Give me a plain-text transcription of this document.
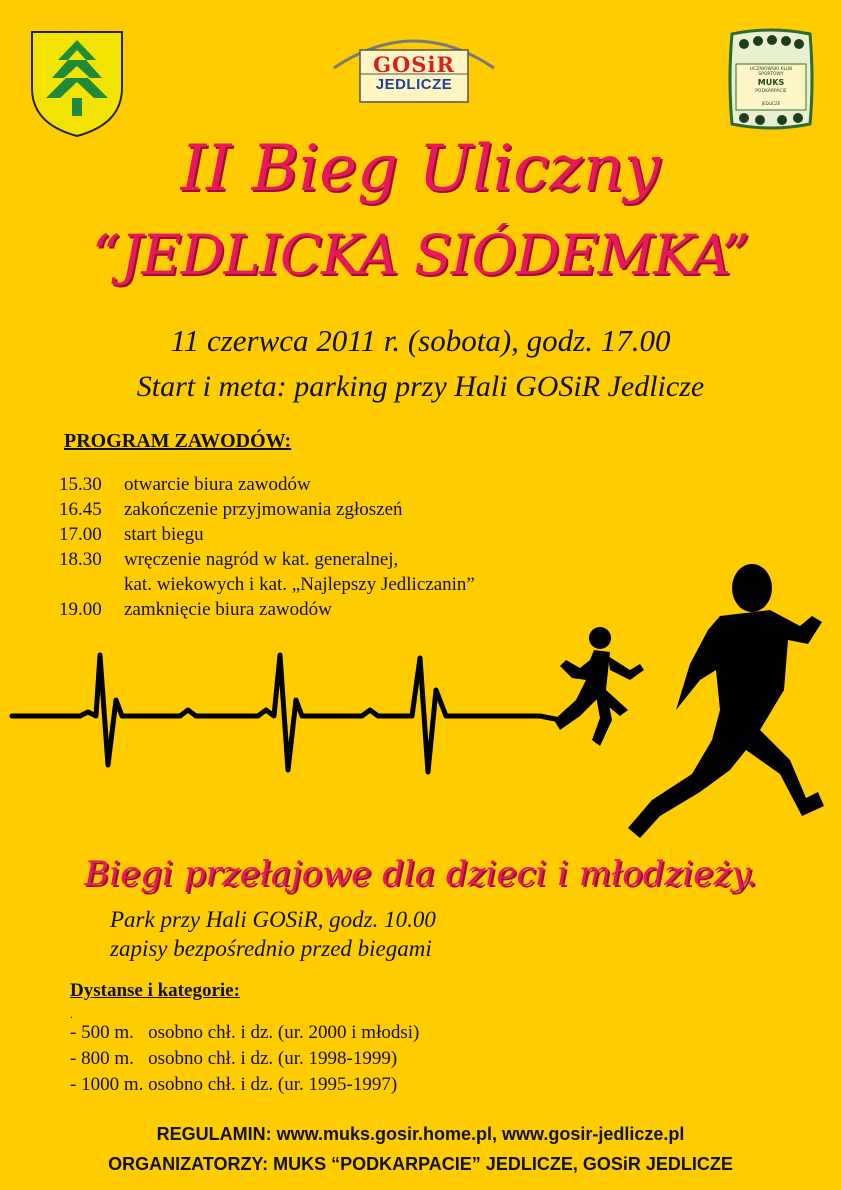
GOSiR
JEDLICZE
UCZNIOWSKI KLUB SPORTOWY
MUKS
PODKARPACIE
JEDLICZE
II Bieg Uliczny
“JEDLICKA SIÓDEMKA”
11 czerwca 2011 r. (sobota), godz. 17.00
Start i meta: parking przy Hali GOSiR Jedlicze
PROGRAM ZAWODÓW:
15.30	otwarcie biura zawodów
16.45	zakończenie przyjmowania zgłoszeń
17.00	start biegu
18.30	wręczenie nagród w kat. generalnej,
kat. wiekowych i kat. „Najlepszy Jedliczanin”
19.00	zamknięcie biura zawodów
Biegi przełajowe dla dzieci i młodzieży.
Park przy Hali GOSiR, godz. 10.00
zapisy bezpośrednio przed biegami
Dystanse i kategorie:
.
- 500 m.   osobno chł. i dz. (ur. 2000 i młodsi)
- 800 m.   osobno chł. i dz. (ur. 1998-1999)
- 1000 m. osobno chł. i dz. (ur. 1995-1997)
REGULAMIN: www.muks.gosir.home.pl, www.gosir-jedlicze.pl
ORGANIZATORZY: MUKS “PODKARPACIE” JEDLICZE, GOSiR JEDLICZE
